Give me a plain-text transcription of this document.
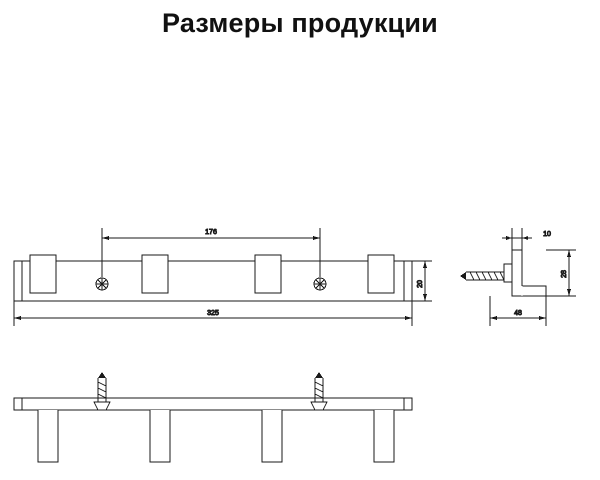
Размеры продукции
176
325
20
10
28
48
